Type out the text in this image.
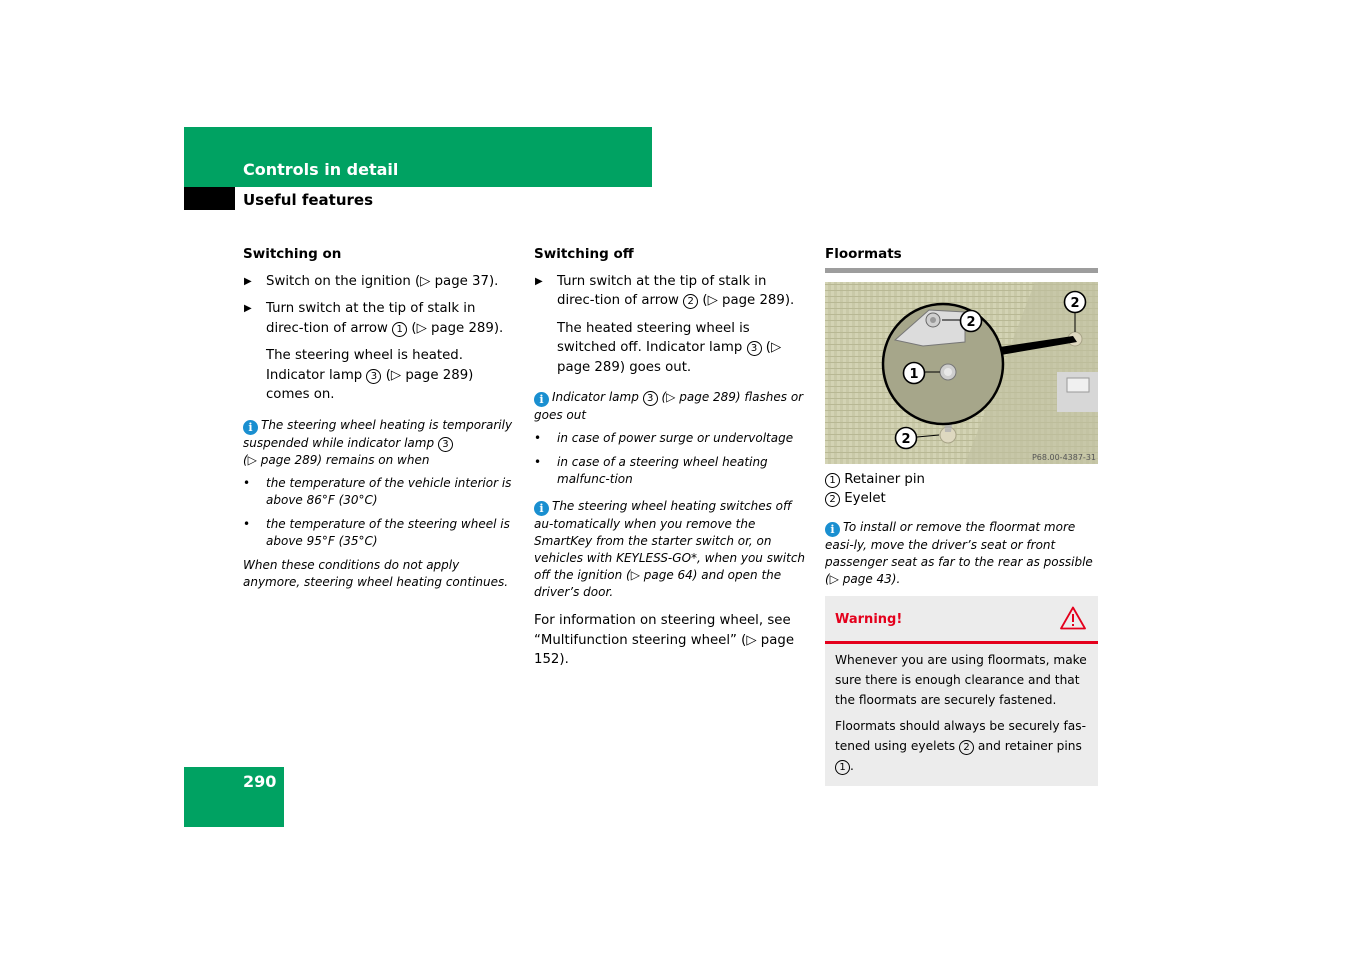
Controls in detail
Useful features
290
Switching on
▶ Switch on the ignition (▷ page 37).
▶ Turn switch at the tip of stalk in direc-tion of arrow 1 (▷ page 289).
The steering wheel is heated. Indicator lamp 3 (▷ page 289) comes on.
i The steering wheel heating is temporarily suspended while indicator lamp 3
(▷ page 289) remains on when
• the temperature of the vehicle interior is above 86°F (30°C)
• the temperature of the steering wheel is above 95°F (35°C)
When these conditions do not apply anymore, steering wheel heating continues.
Switching off
▶ Turn switch at the tip of stalk in direc-tion of arrow 2 (▷ page 289).
The heated steering wheel is switched off. Indicator lamp 3 (▷ page 289) goes out.
i Indicator lamp 3 (▷ page 289) flashes or goes out
• in case of power surge or undervoltage
• in case of a steering wheel heating malfunc-tion
i The steering wheel heating switches off au-tomatically when you remove the SmartKey from the starter switch or, on vehicles with KEYLESS-GO*, when you switch off the ignition (▷ page 64) and open the driver’s door.
For information on steering wheel, see “Multifunction steering wheel” (▷ page 152).
Floormats
2
2
1
2
P68.00-4387-31
1 Retainer pin
2 Eyelet
i To install or remove the floormat more easi-ly, move the driver’s seat or front passenger seat as far to the rear as possible (▷ page 43).
Warning!

Whenever you are using floormats, make sure there is enough clearance and that the floormats are securely fastened.

Floormats should always be securely fas-tened using eyelets 2 and retainer pins 1 .
